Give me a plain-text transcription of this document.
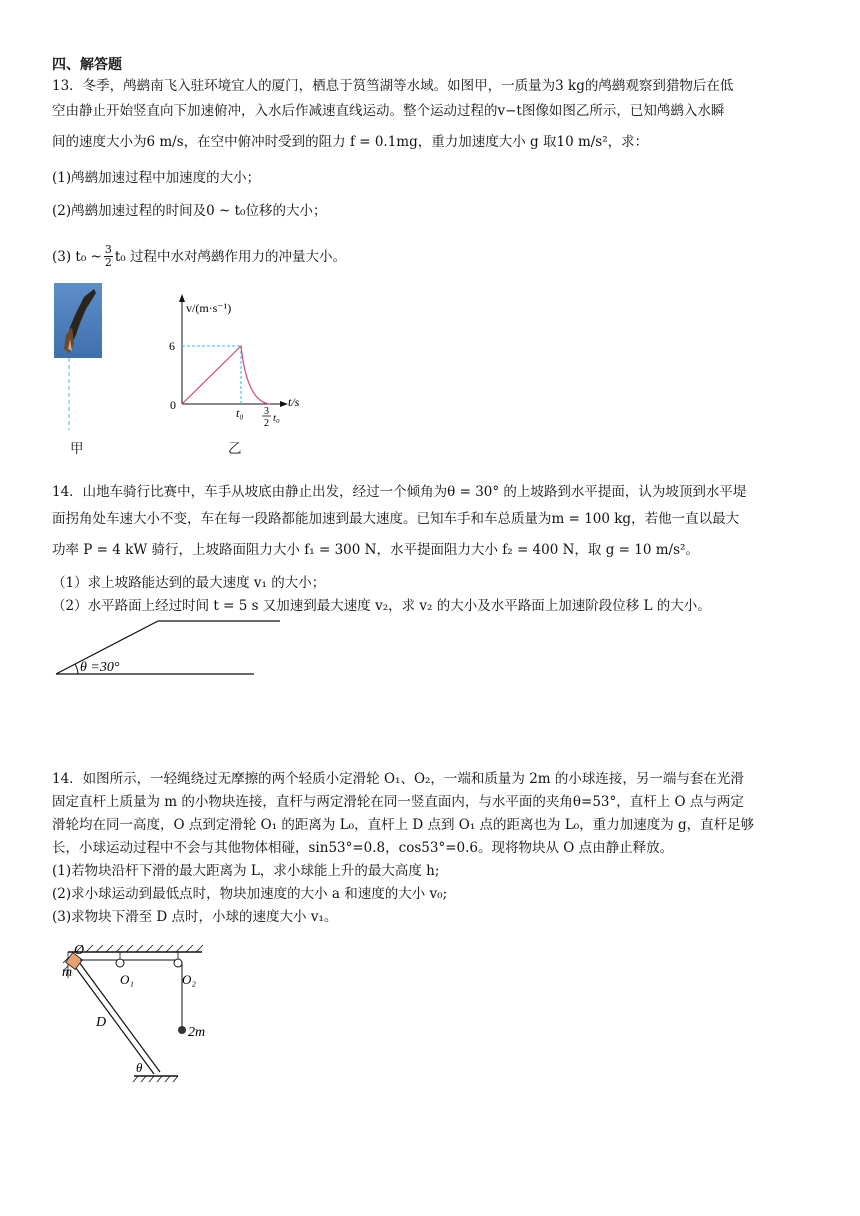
四、解答题
13．冬季，鸬鹚南飞入驻环境宜人的厦门，栖息于筼筜湖等水域。如图甲，一质量为3 kg的鸬鹚观察到猎物后在低
空由静止开始竖直向下加速俯冲，入水后作减速直线运动。整个运动过程的v−t图像如图乙所示，已知鸬鹚入水瞬
间的速度大小为6 m/s，在空中俯冲时受到的阻力 f = 0.1mg，重力加速度大小 g 取10 m/s²，求：
(1)鸬鹚加速过程中加速度的大小；
(2)鸬鹚加速过程的时间及0 ~ t₀位移的大小；
(3) t₀ ~ $\frac{3}{2} t_0$ 过程中水对鸬鹚作用力的冲量大小。
甲
v/(m·s⁻¹)
t/s
6
0
t₀ 3
2 t₀
乙
14．山地车骑行比赛中，车手从坡底由静止出发，经过一个倾角为θ = 30° 的上坡路到水平提面，认为坡顶到水平堤
面拐角处车速大小不变，车在每一段路都能加速到最大速度。已知车手和车总质量为m = 100 kg，若他一直以最大
功率 P = 4 kW 骑行，上坡路面阻力大小 f₁ = 300 N，水平提面阻力大小 f₂ = 400 N，取 g = 10 m/s²。
（1）求上坡路能达到的最大速度 v₁ 的大小；
（2）水平路面上经过时间 t = 5 s 又加速到最大速度 v₂，求 v₂ 的大小及水平路面上加速阶段位移 L 的大小。
θ =30°
14．如图所示，一轻绳绕过无摩擦的两个轻质小定滑轮 O₁、O₂，一端和质量为 2m 的小球连接，另一端与套在光滑
固定直杆上质量为 m 的小物块连接，直杆与两定滑轮在同一竖直面内，与水平面的夹角θ=53°，直杆上 O 点与两定
滑轮均在同一高度，O 点到定滑轮 O₁ 的距离为 L₀，直杆上 D 点到 O₁ 点的距离也为 L₀，重力加速度为 g，直杆足够
长，小球运动过程中不会与其他物体相碰，sin53°=0.8，cos53°=0.6。现将物块从 O 点由静止释放。
(1)若物块沿杆下滑的最大距离为 L，求小球能上升的最大高度 h;
(2)求小球运动到最低点时，物块加速度的大小 a 和速度的大小 v₀;
(3)求物块下滑至 D 点时，小球的速度大小 v₁。
O
m	O₁	O₂
D
2m
θ
